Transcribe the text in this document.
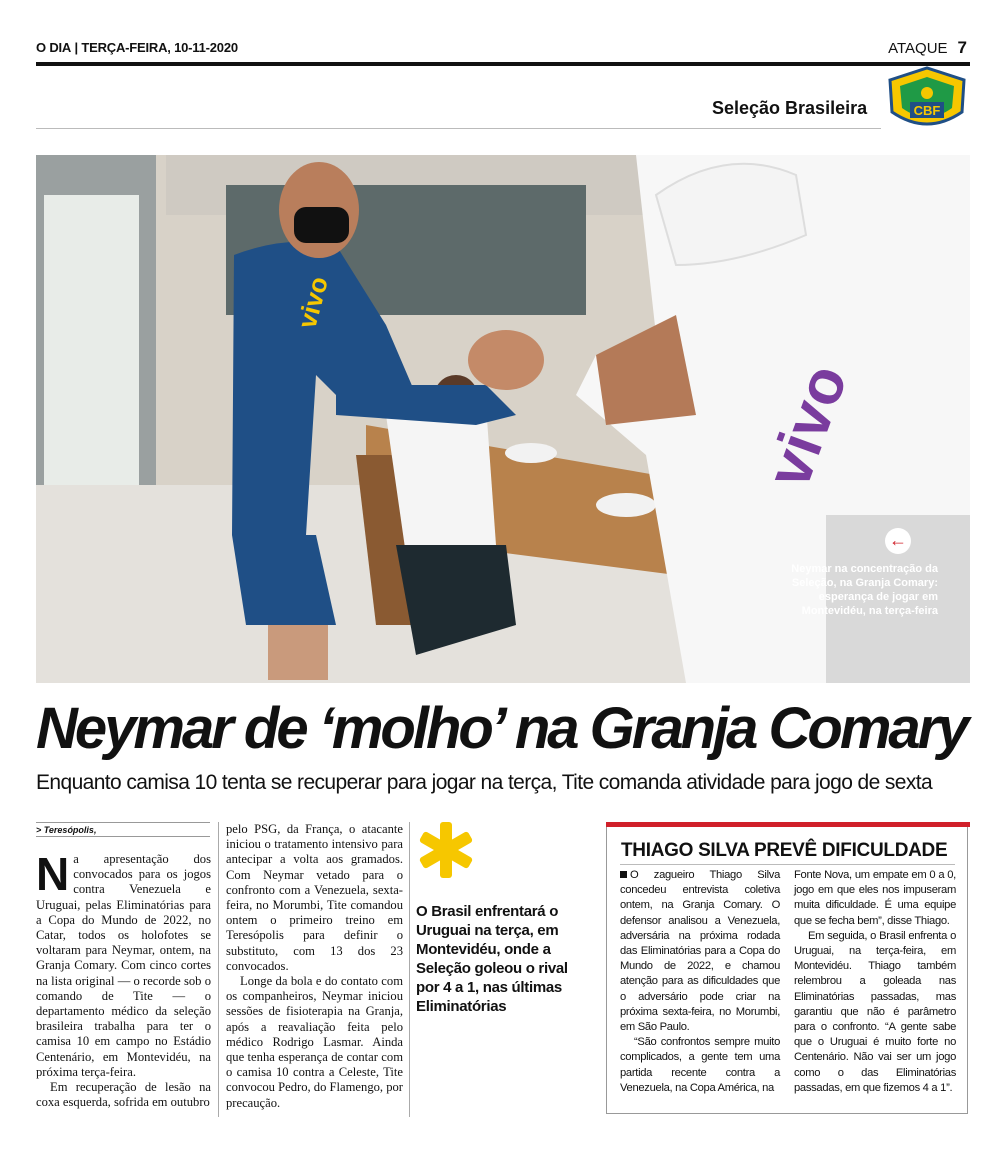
O DIA | TERÇA-FEIRA, 10-11-2020	ATAQUE 7
Seleção Brasileira	CBF
vivo
vivo
←
Neymar na concentração da Seleção, na Granja Comary: esperança de jogar em Montevidéu, na terça-feira
Neymar de ‘molho’ na Granja Comary
Enquanto camisa 10 tenta se recuperar para jogar na terça, Tite comanda atividade para jogo de sexta
> Teresópolis,
N a apresentação dos convocados para os jogos contra Venezuela e Uruguai, pelas Eliminatórias para a Copa do Mundo de 2022, no Catar, todos os holofotes se voltaram para Neymar, ontem, na Granja Comary. Com cinco cortes na lista original — o recorde sob o comando de Tite — o departamento médico da seleção brasileira trabalha para ter o camisa 10 em campo no Estádio Centenário, em Montevidéu, na próxima terça-feira.

Em recuperação de lesão na coxa esquerda, sofrida em outubro

pelo PSG, da França, o atacante iniciou o tratamento intensivo para antecipar a volta aos gramados. Com Neymar vetado para o confronto com a Venezuela, sexta-feira, no Morumbi, Tite comandou ontem o primeiro treino em Teresópolis para definir o substituto, com 13 dos 23 convocados.

Longe da bola e do contato com os companheiros, Neymar iniciou sessões de fisioterapia na Granja, após a reavaliação feita pelo médico Rodrigo Lasmar. Ainda que tenha esperança de contar com o camisa 10 contra a Celeste, Tite convocou Pedro, do Flamengo, por precaução.

O Brasil enfrentará o Uruguai na terça, em Montevidéu, onde a Seleção goleou o rival por 4 a 1, nas últimas Eliminatórias
THIAGO SILVA PREVÊ DIFICULDADE

O zagueiro Thiago Silva concedeu entrevista coletiva ontem, na Granja Comary. O defensor analisou a Venezuela, adversária na próxima rodada das Eliminatórias para a Copa do Mundo de 2022, e chamou atenção para as dificuldades que o adversário pode criar na próxima sexta-feira, no Morumbi, em São Paulo.

“São confrontos sempre muito complicados, a gente tem uma partida recente contra a Venezuela, na Copa América, na

Fonte Nova, um empate em 0 a 0, jogo em que eles nos impuseram muita dificuldade. É uma equipe que se fecha bem”, disse Thiago.

Em seguida, o Brasil enfrenta o Uruguai, na terça-feira, em Montevidéu. Thiago também relembrou a goleada nas Eliminatórias passadas, mas garantiu que não é parâmetro para o confronto. “A gente sabe que o Uruguai é muito forte no Centenário. Não vai ser um jogo como o das Eliminatórias passadas, em que fizemos 4 a 1”.
